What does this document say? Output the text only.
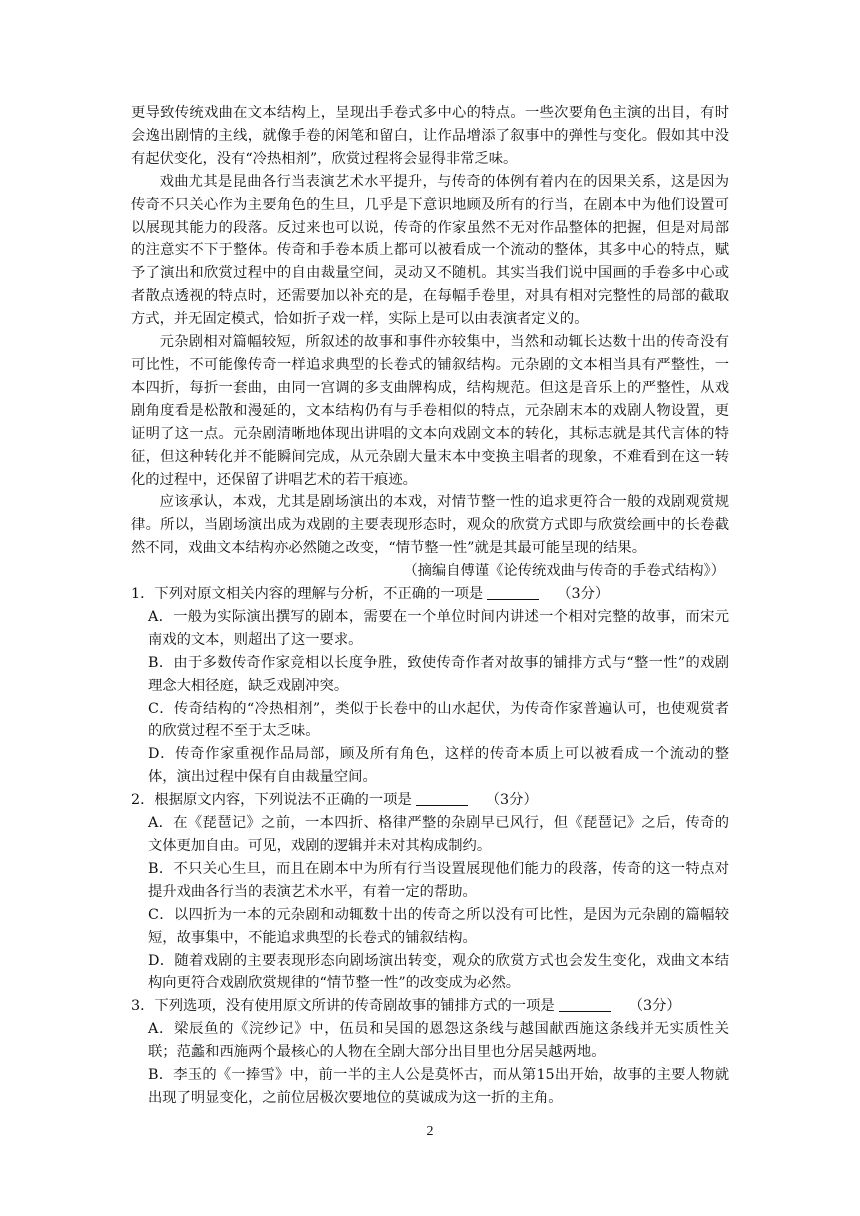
更导致传统戏曲在文本结构上，呈现出手卷式多中心的特点。一些次要角色主演的出目，有时会逸出剧情的主线，就像手卷的闲笔和留白，让作品增添了叙事中的弹性与变化。假如其中没有起伏变化，没有“冷热相剂”，欣赏过程将会显得非常乏味。

戏曲尤其是昆曲各行当表演艺术水平提升，与传奇的体例有着内在的因果关系，这是因为传奇不只关心作为主要角色的生旦，几乎是下意识地顾及所有的行当，在剧本中为他们设置可以展现其能力的段落。反过来也可以说，传奇的作家虽然不无对作品整体的把握，但是对局部的注意实不下于整体。传奇和手卷本质上都可以被看成一个流动的整体，其多中心的特点，赋予了演出和欣赏过程中的自由裁量空间，灵动又不随机。其实当我们说中国画的手卷多中心或者散点透视的特点时，还需要加以补充的是，在每幅手卷里，对具有相对完整性的局部的截取方式，并无固定模式，恰如折子戏一样，实际上是可以由表演者定义的。

元杂剧相对篇幅较短，所叙述的故事和事件亦较集中，当然和动辄长达数十出的传奇没有可比性，不可能像传奇一样追求典型的长卷式的铺叙结构。元杂剧的文本相当具有严整性，一本四折，每折一套曲，由同一宫调的多支曲牌构成，结构规范。但这是音乐上的严整性，从戏剧角度看是松散和漫延的，文本结构仍有与手卷相似的特点，元杂剧末本的戏剧人物设置，更证明了这一点。元杂剧清晰地体现出讲唱的文本向戏剧文本的转化，其标志就是其代言体的特征，但这种转化并不能瞬间完成，从元杂剧大量末本中变换主唱者的现象，不难看到在这一转化的过程中，还保留了讲唱艺术的若干痕迹。

应该承认，本戏，尤其是剧场演出的本戏，对情节整一性的追求更符合一般的戏剧观赏规律。所以，当剧场演出成为戏剧的主要表现形态时，观众的欣赏方式即与欣赏绘画中的长卷截然不同，戏曲文本结构亦必然随之改变，“情节整一性”就是其最可能呈现的结果。

（摘编自傅谨《论传统戏曲与传奇的手卷式结构》）

1．下列对原文相关内容的理解与分析，不正确的一项是	（3分）

A．一般为实际演出撰写的剧本，需要在一个单位时间内讲述一个相对完整的故事，而宋元南戏的文本，则超出了这一要求。

B．由于多数传奇作家竞相以长度争胜，致使传奇作者对故事的铺排方式与“整一性”的戏剧理念大相径庭，缺乏戏剧冲突。

C．传奇结构的“冷热相剂”，类似于长卷中的山水起伏，为传奇作家普遍认可，也使观赏者的欣赏过程不至于太乏味。

D．传奇作家重视作品局部，顾及所有角色，这样的传奇本质上可以被看成一个流动的整体，演出过程中保有自由裁量空间。

2．根据原文内容，下列说法不正确的一项是	（3分）

A．在《琵琶记》之前，一本四折、格律严整的杂剧早已风行，但《琵琶记》之后，传奇的文体更加自由。可见，戏剧的逻辑并未对其构成制约。

B．不只关心生旦，而且在剧本中为所有行当设置展现他们能力的段落，传奇的这一特点对提升戏曲各行当的表演艺术水平，有着一定的帮助。

C．以四折为一本的元杂剧和动辄数十出的传奇之所以没有可比性，是因为元杂剧的篇幅较短，故事集中，不能追求典型的长卷式的铺叙结构。

D．随着戏剧的主要表现形态向剧场演出转变，观众的欣赏方式也会发生变化，戏曲文本结构向更符合戏剧欣赏规律的“情节整一性”的改变成为必然。

3．下列选项，没有使用原文所讲的传奇剧故事的铺排方式的一项是	（3分）

A．梁辰鱼的《浣纱记》中，伍员和吴国的恩怨这条线与越国献西施这条线并无实质性关联；范蠡和西施两个最核心的人物在全剧大部分出目里也分居吴越两地。

B．李玉的《一捧雪》中，前一半的主人公是莫怀古，而从第15出开始，故事的主要人物就出现了明显变化，之前位居极次要地位的莫诚成为这一折的主角。

2
